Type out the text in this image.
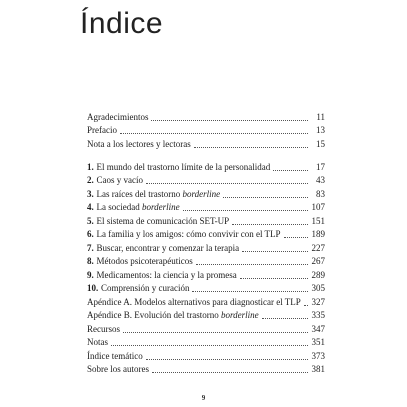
Índice
Agradecimientos	11
Prefacio	13
Nota a los lectores y lectoras	15
1. El mundo del trastorno límite de la personalidad	17
2. Caos y vacío	43
3. Las raíces del trastorno borderline	83
4. La sociedad borderline	107
5. El sistema de comunicación SET-UP	151
6. La familia y los amigos: cómo convivir con el TLP	189
7. Buscar, encontrar y comenzar la terapia	227
8. Métodos psicoterapéuticos	267
9. Medicamentos: la ciencia y la promesa	289
10. Comprensión y curación	305
Apéndice A. Modelos alternativos para diagnosticar el TLP 327
Apéndice B. Evolución del trastorno borderline	335
Recursos	347
Notas	351
Índice temático	373
Sobre los autores	381
9
